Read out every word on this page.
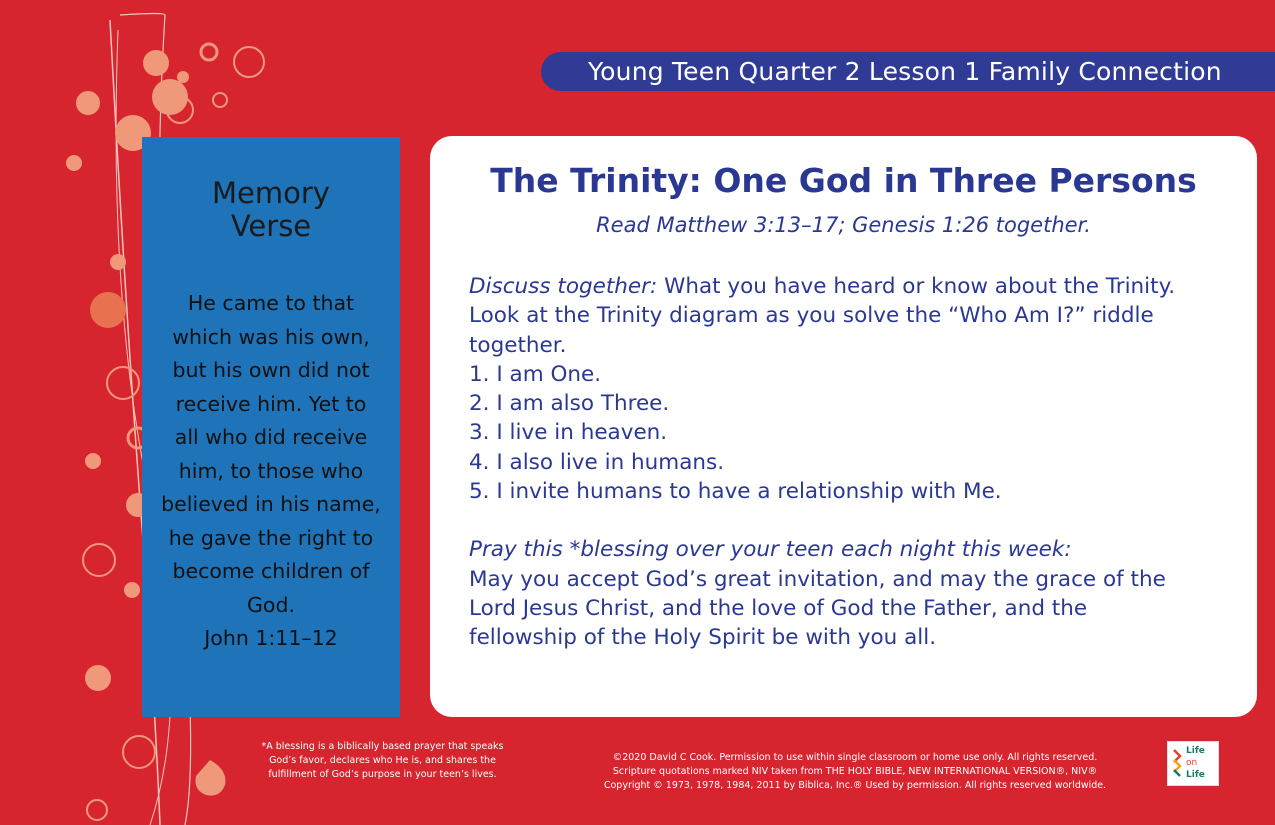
Young Teen Quarter 2 Lesson 1 Family Connection
Memory
Verse
He came to that which was his own, but his own did not receive him. Yet to all who did receive him, to those who believed in his name, he gave the right to become children of God.
John 1:11–12
The Trinity: One God in Three Persons
Read Matthew 3:13–17; Genesis 1:26 together.

Discuss together: What you have heard or know about the Trinity. Look at the Trinity diagram as you solve the “Who Am I?” riddle together.

1. I am One.
2. I am also Three.
3. I live in heaven.
4. I also live in humans.
5. I invite humans to have a relationship with Me.
Pray this *blessing over your teen each night this week:

May you accept God’s great invitation, and may the grace of the Lord Jesus Christ, and the love of God the Father, and the fellowship of the Holy Spirit be with you all.

*A blessing is a biblically based prayer that speaks God’s favor, declares who He is, and shares the fulfillment of God’s purpose in your teen’s lives.
©2020 David C Cook. Permission to use within single classroom or home use only. All rights reserved.
Scripture quotations marked NIV taken from THE HOLY BIBLE, NEW INTERNATIONAL VERSION®, NIV®
Copyright © 1973, 1978, 1984, 2011 by Biblica, Inc.® Used by permission. All rights reserved worldwide.
Life
on
Life
